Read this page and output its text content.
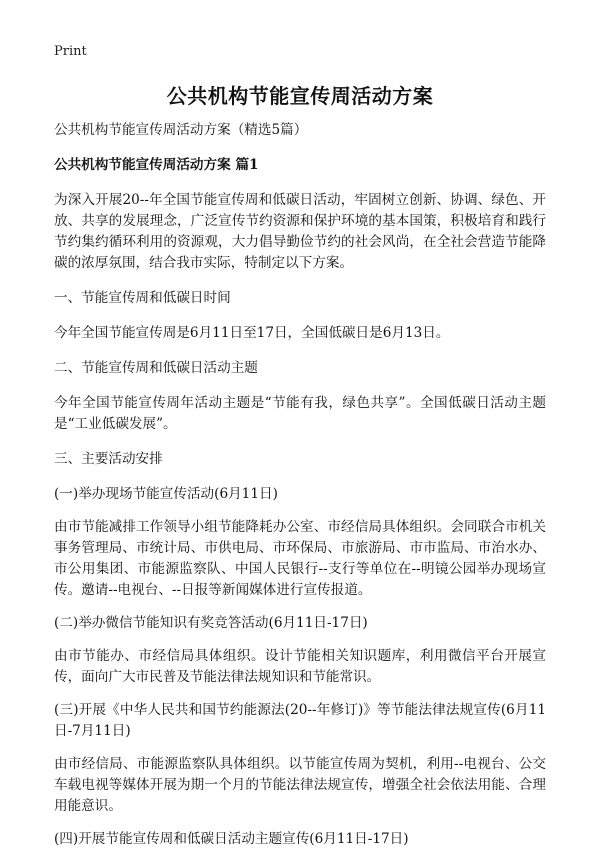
Print
公共机构节能宣传周活动方案

公共机构节能宣传周活动方案（精选5篇）

公共机构节能宣传周活动方案 篇1

为深入开展20--年全国节能宣传周和低碳日活动，牢固树立创新、协调、绿色、开放、共享的发展理念，广泛宣传节约资源和保护环境的基本国策，积极培育和践行节约集约循环利用的资源观，大力倡导勤俭节约的社会风尚，在全社会营造节能降碳的浓厚氛围，结合我市实际，特制定以下方案。

一、节能宣传周和低碳日时间

今年全国节能宣传周是6月11日至17日，全国低碳日是6月13日。

二、节能宣传周和低碳日活动主题

今年全国节能宣传周年活动主题是“节能有我，绿色共享”。全国低碳日活动主题是“工业低碳发展”。

三、主要活动安排

(一)举办现场节能宣传活动(6月11日)

由市节能减排工作领导小组节能降耗办公室、市经信局具体组织。会同联合市机关事务管理局、市统计局、市供电局、市环保局、市旅游局、市市监局、市治水办、市公用集团、市能源监察队、中国人民银行--支行等单位在--明镜公园举办现场宣传。邀请--电视台、--日报等新闻媒体进行宣传报道。

(二)举办微信节能知识有奖竞答活动(6月11日-17日)

由市节能办、市经信局具体组织。设计节能相关知识题库，利用微信平台开展宣传，面向广大市民普及节能法律法规知识和节能常识。

(三)开展《中华人民共和国节约能源法(20--年修订)》等节能法律法规宣传(6月11日-7月11日)

由市经信局、市能源监察队具体组织。以节能宣传周为契机，利用--电视台、公交车载电视等媒体开展为期一个月的节能法律法规宣传，增强全社会依法用能、合理用能意识。

(四)开展节能宣传周和低碳日活动主题宣传(6月11日-17日)
